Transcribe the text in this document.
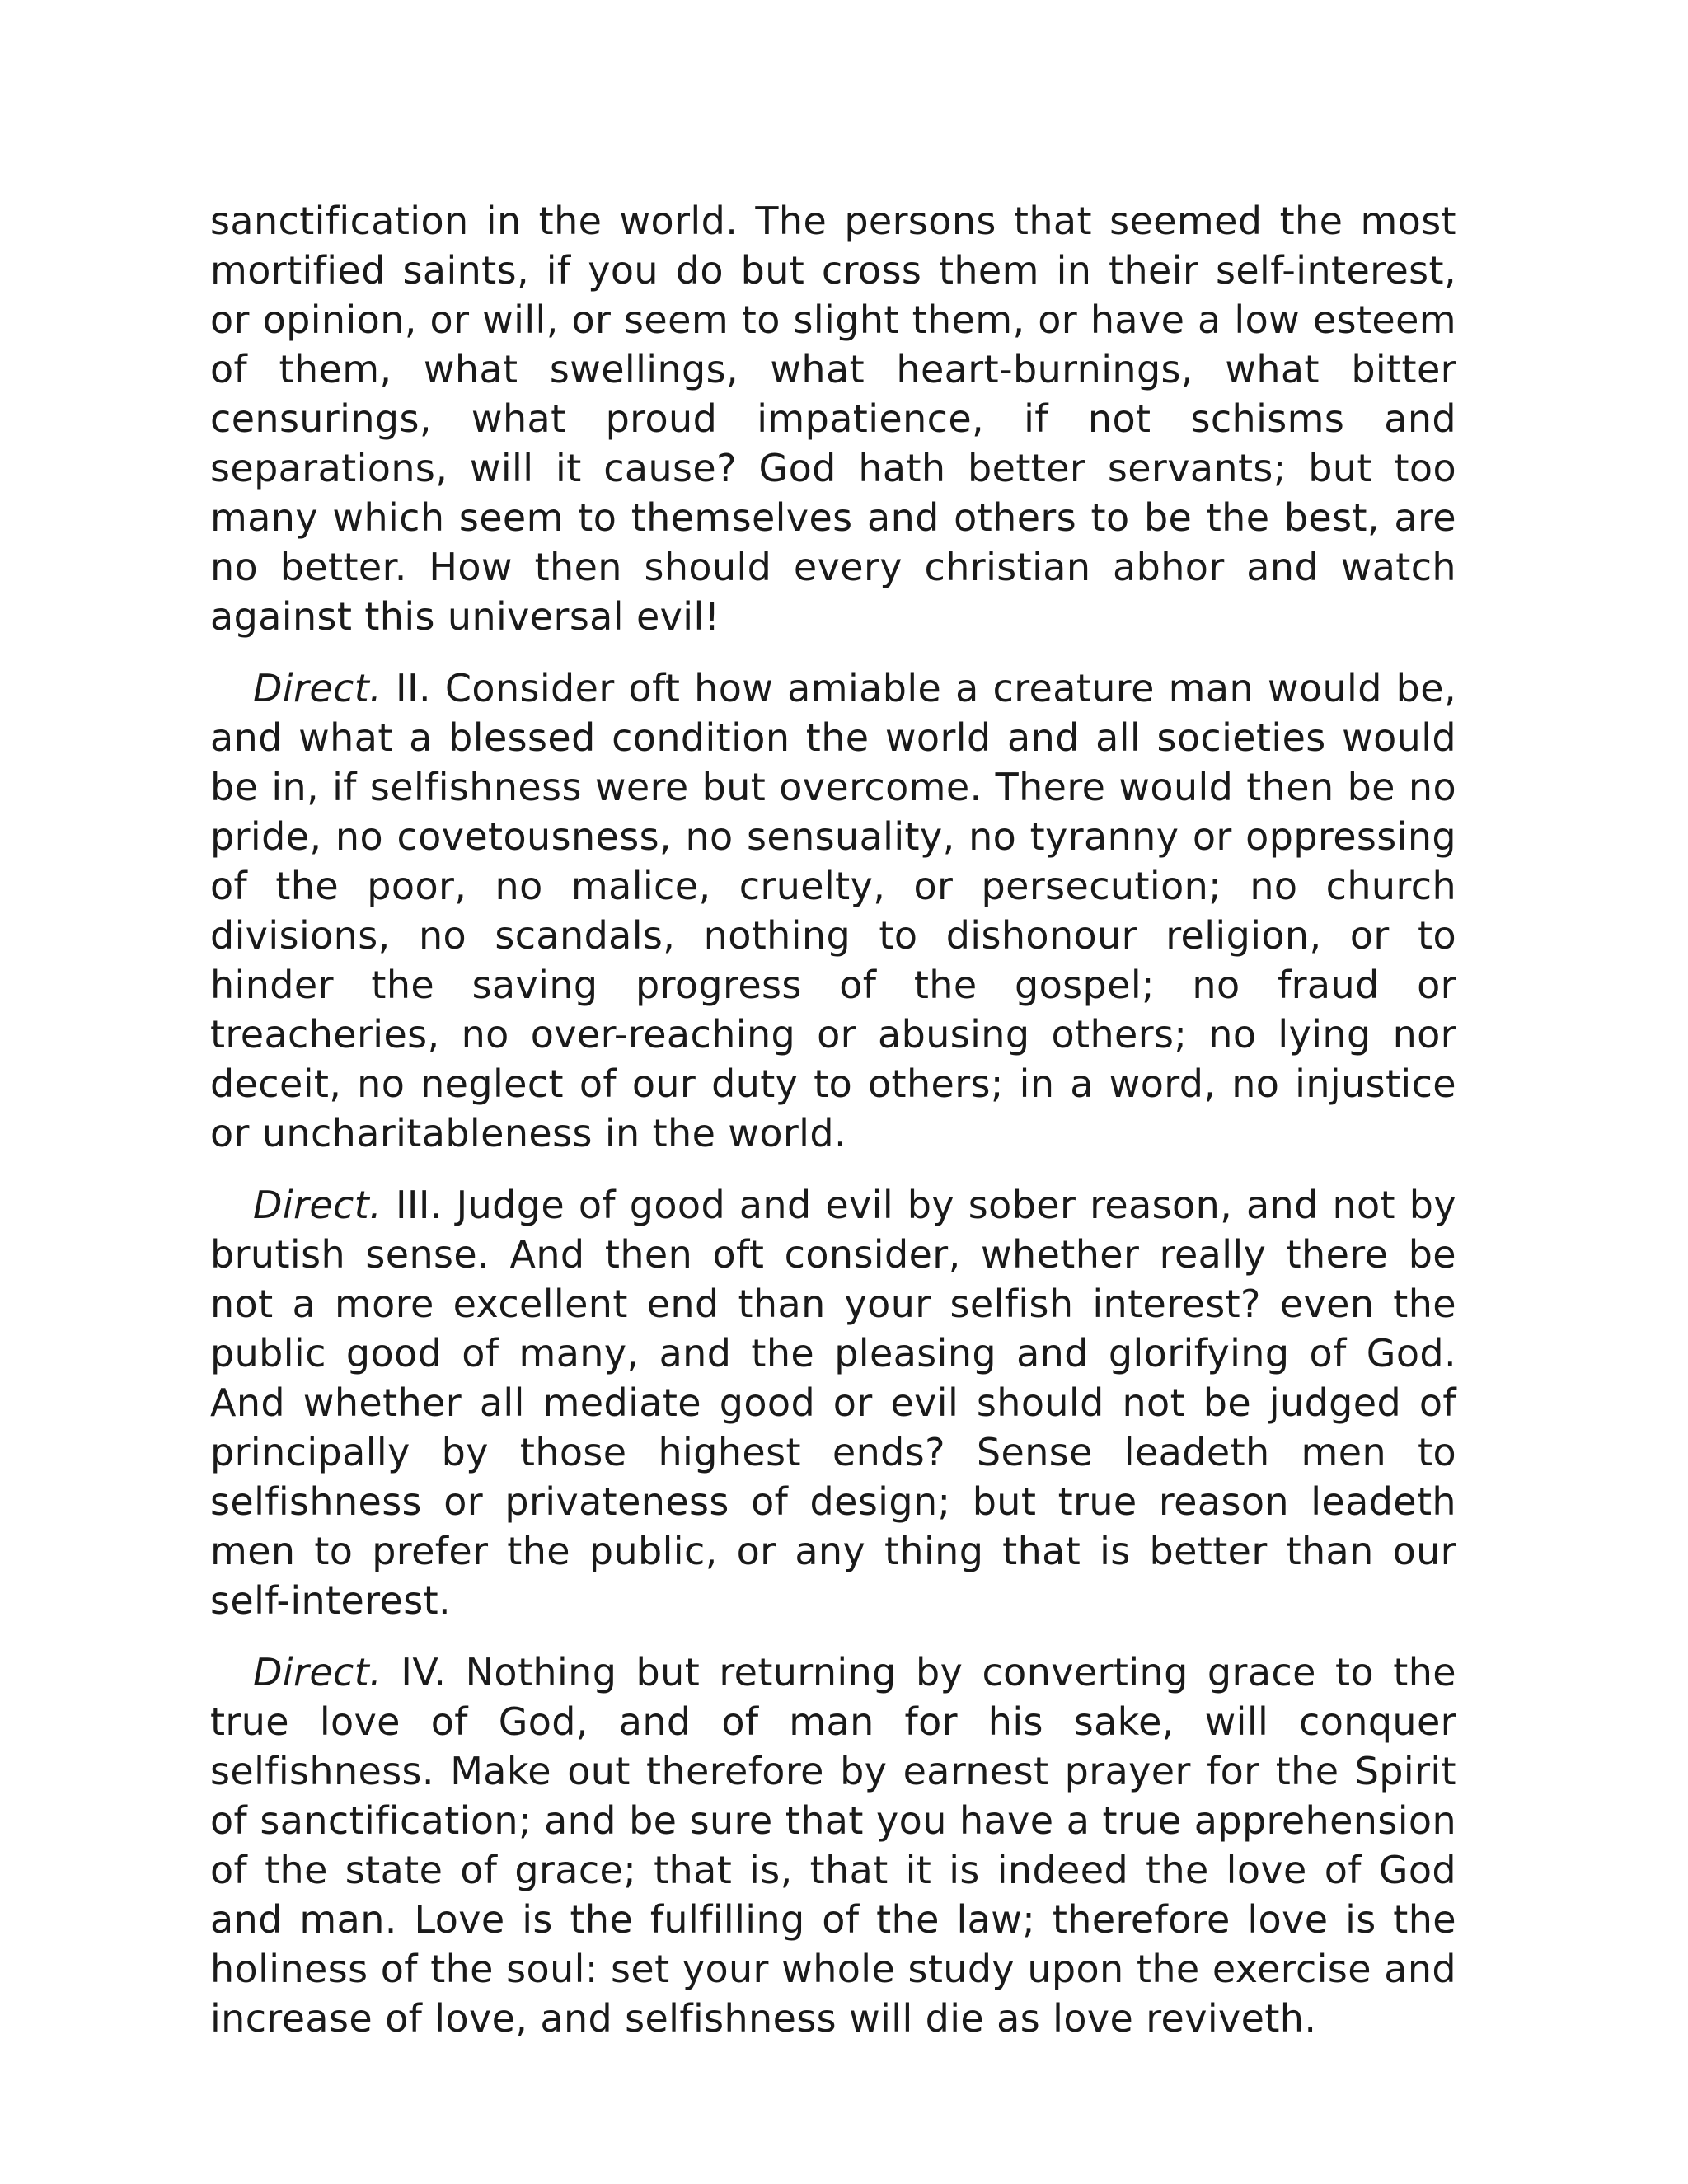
sanctification in the world. The persons that seemed the most mortified saints, if you do but cross them in their self-interest, or opinion, or will, or seem to slight them, or have a low esteem of them, what swellings, what heart-burnings, what bitter censurings, what proud impatience, if not schisms and separations, will it cause? God hath better servants; but too many which seem to themselves and others to be the best, are no better. How then should every christian abhor and watch against this universal evil!

Direct. II. Consider oft how amiable a creature man would be, and what a blessed condition the world and all societies would be in, if selfishness were but overcome. There would then be no pride, no covetousness, no sensuality, no tyranny or oppressing of the poor, no malice, cruelty, or persecution; no church divisions, no scandals, nothing to dishonour religion, or to hinder the saving progress of the gospel; no fraud or treacheries, no over-reaching or abusing others; no lying nor deceit, no neglect of our duty to others; in a word, no injustice or uncharitableness in the world.

Direct. III. Judge of good and evil by sober reason, and not by brutish sense. And then oft consider, whether really there be not a more excellent end than your selfish interest? even the public good of many, and the pleasing and glorifying of God. And whether all mediate good or evil should not be judged of principally by those highest ends? Sense leadeth men to selfishness or privateness of design; but true reason leadeth men to prefer the public, or any thing that is better than our self-interest.

Direct. IV. Nothing but returning by converting grace to the true love of God, and of man for his sake, will conquer selfishness. Make out therefore by earnest prayer for the Spirit of sanctification; and be sure that you have a true apprehension of the state of grace; that is, that it is indeed the love of God and man. Love is the fulfilling of the law; therefore love is the holiness of the soul: set your whole study upon the exercise and increase of love, and selfishness will die as love reviveth.
